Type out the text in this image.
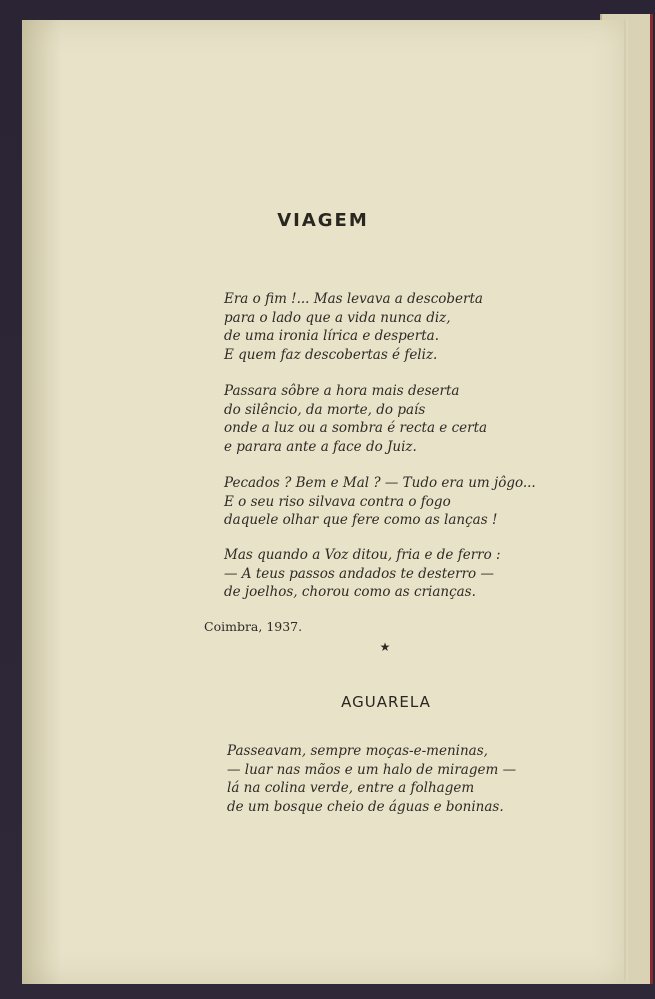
VIAGEM
Era o fim !... Mas levava a descoberta
para o lado que a vida nunca diz,
de uma ironia lírica e desperta.
E quem faz descobertas é feliz.
Passara sôbre a hora mais deserta
do silêncio, da morte, do país
onde a luz ou a sombra é recta e certa
e parara ante a face do Juiz.
Pecados ? Bem e Mal ? — Tudo era um jôgo...
E o seu riso silvava contra o fogo
daquele olhar que fere como as lanças !
Mas quando a Voz ditou, fria e de ferro :
— A teus passos andados te desterro —
de joelhos, chorou como as crianças.
Coimbra, 1937.
★
AGUARELA
Passeavam, sempre moças-e-meninas,
— luar nas mãos e um halo de miragem —
lá na colina verde, entre a folhagem
de um bosque cheio de águas e boninas.
